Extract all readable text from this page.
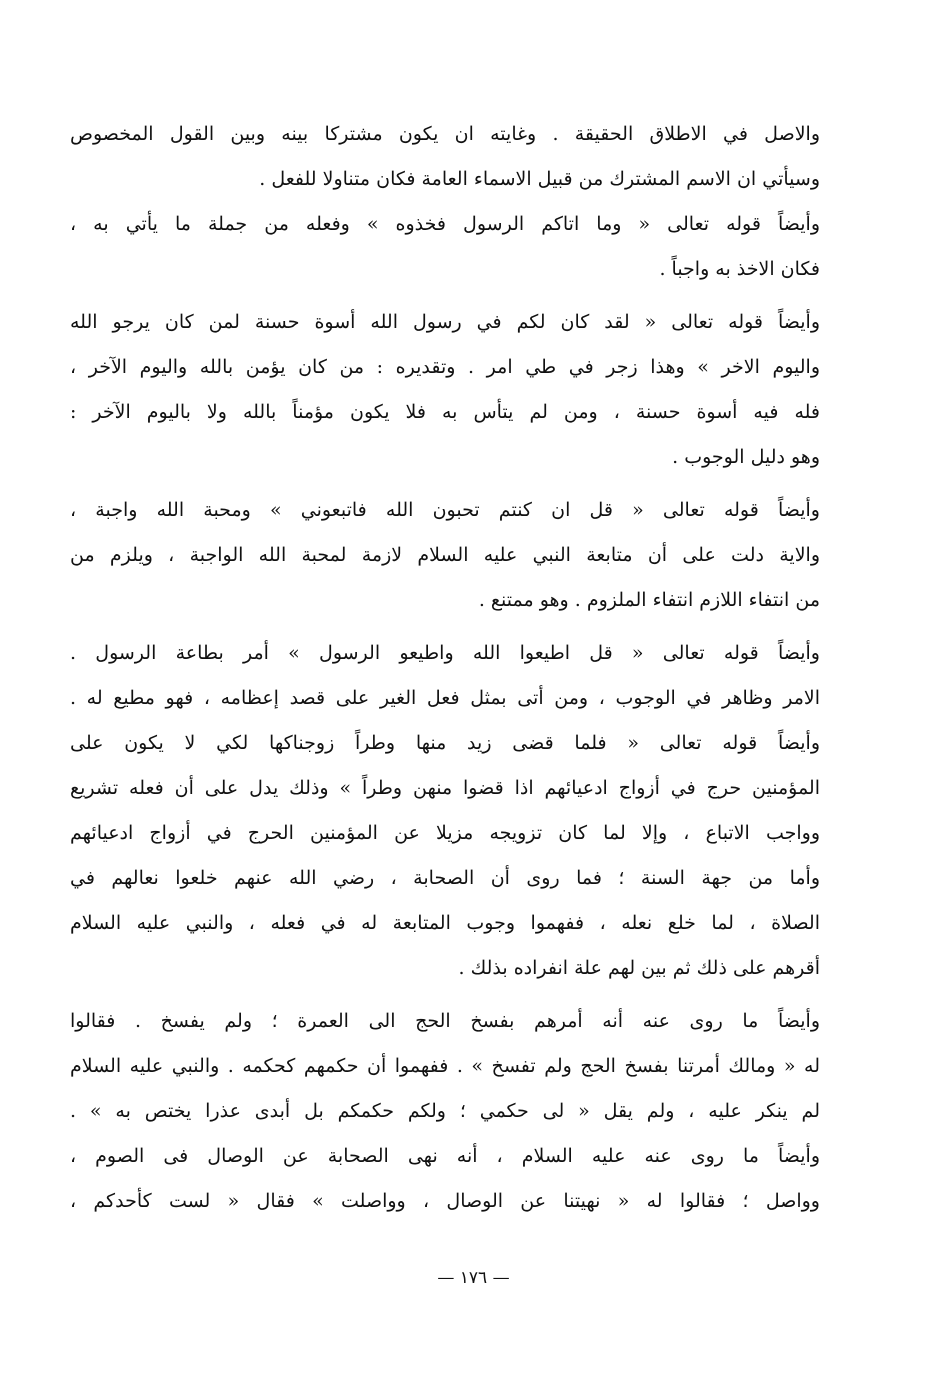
والاصل في الاطلاق الحقيقة . وغايته ان يكون مشتركا بينه وبين القول المخصوص
وسيأتي ان الاسم المشترك من قبيل الاسماء العامة فكان متناولا للفعل .
وأيضاً قوله تعالى « وما اتاكم الرسول فخذوه » وفعله من جملة ما يأتي به ،
فكان الاخذ به واجباً .
وأيضاً قوله تعالى « لقد كان لكم في رسول الله أسوة حسنة لمن كان يرجو الله
واليوم الاخر » وهذا زجر في طي امر . وتقديره : من كان يؤمن بالله واليوم الآخر ،
فله فيه أسوة حسنة ، ومن لم يتأس به فلا يكون مؤمناً بالله ولا باليوم الآخر :
وهو دليل الوجوب .
وأيضاً قوله تعالى « قل ان كنتم تحبون الله فاتبعوني » ومحبة الله واجبة ،
والاية دلت على أن متابعة النبي عليه السلام لازمة لمحبة الله الواجبة ، ويلزم من
من انتفاء اللازم انتفاء الملزوم . وهو ممتنع .
وأيضاً قوله تعالى « قل اطيعوا الله واطيعو الرسول » أمر بطاعة الرسول .
الامر وظاهر في الوجوب ، ومن أتى بمثل فعل الغير على قصد إعظامه ، فهو مطيع له .
وأيضاً قوله تعالى « فلما قضى زيد منها وطراً زوجناكها لكي لا يكون على
المؤمنين حرج في أزواج ادعيائهم اذا قضوا منهن وطراً » وذلك يدل على أن فعله تشريع
وواجب الاتباع ، وإلا لما كان تزويجه مزيلا عن المؤمنين الحرج في أزواج ادعيائهم
وأما من جهة السنة ؛ فما روى أن الصحابة ، رضي الله عنهم خلعوا نعالهم في
الصلاة ، لما خلع نعله ، ففهموا وجوب المتابعة له في فعله ، والنبي عليه السلام
أقرهم على ذلك ثم بين لهم علة انفراده بذلك .
وأيضاً ما روى عنه أنه أمرهم بفسخ الحج الى العمرة ؛ ولم يفسخ . فقالوا
له « ومالك أمرتنا بفسخ الحج ولم تفسخ » . ففهموا أن حكمهم كحكمه . والنبي عليه السلام
لم ينكر عليه ، ولم يقل « لى حكمي ؛ ولكم حكمكم بل أبدى عذرا يختص به » .
وأيضاً ما روى عنه عليه السلام ، أنه نهى الصحابة عن الوصال فى الصوم ،
وواصل ؛ فقالوا له « نهيتنا عن الوصال ، وواصلت » فقال « لست كأحدكم ،
— ١٧٦ —
